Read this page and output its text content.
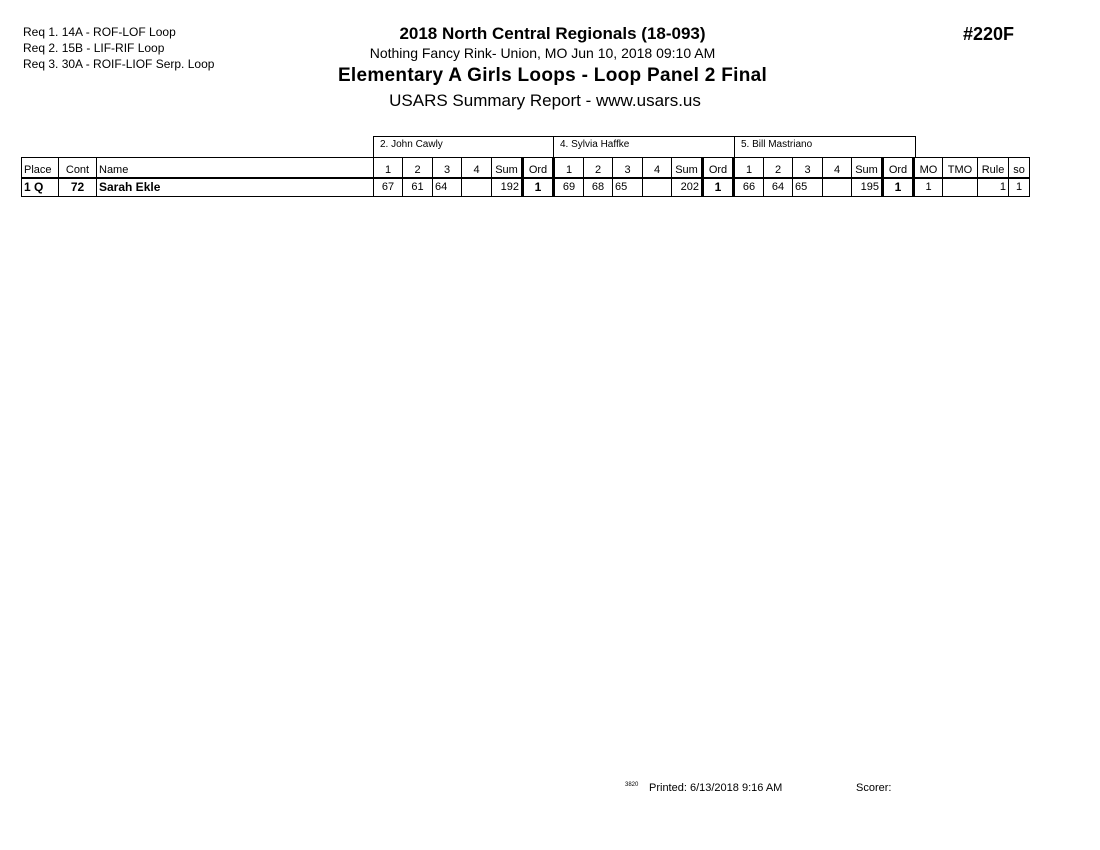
Req 1. 14A - ROF-LOF Loop
Req 2. 15B - LIF-RIF Loop
Req 3. 30A - ROIF-LIOF Serp. Loop
2018 North Central Regionals (18-093)
Nothing Fancy Rink- Union, MO Jun 10, 2018 09:10 AM
Elementary A Girls Loops - Loop Panel 2 Final
USARS Summary Report - www.usars.us
#220F
2. John Cawly	4. Sylvia Haffke	5. Bill Mastriano
Place	Cont	Name	1	2	3	4	Sum	Ord	1	2	3	4	Sum	Ord	1	2	3	4	Sum	Ord	MO	TMO	Rule	so
1 Q	72	Sarah Ekle	67	61	64		192	1	69	68	65		202	1	66	64	65		195	1	1		1	1
3820 Printed: 6/13/2018 9:16 AM	Scorer:
